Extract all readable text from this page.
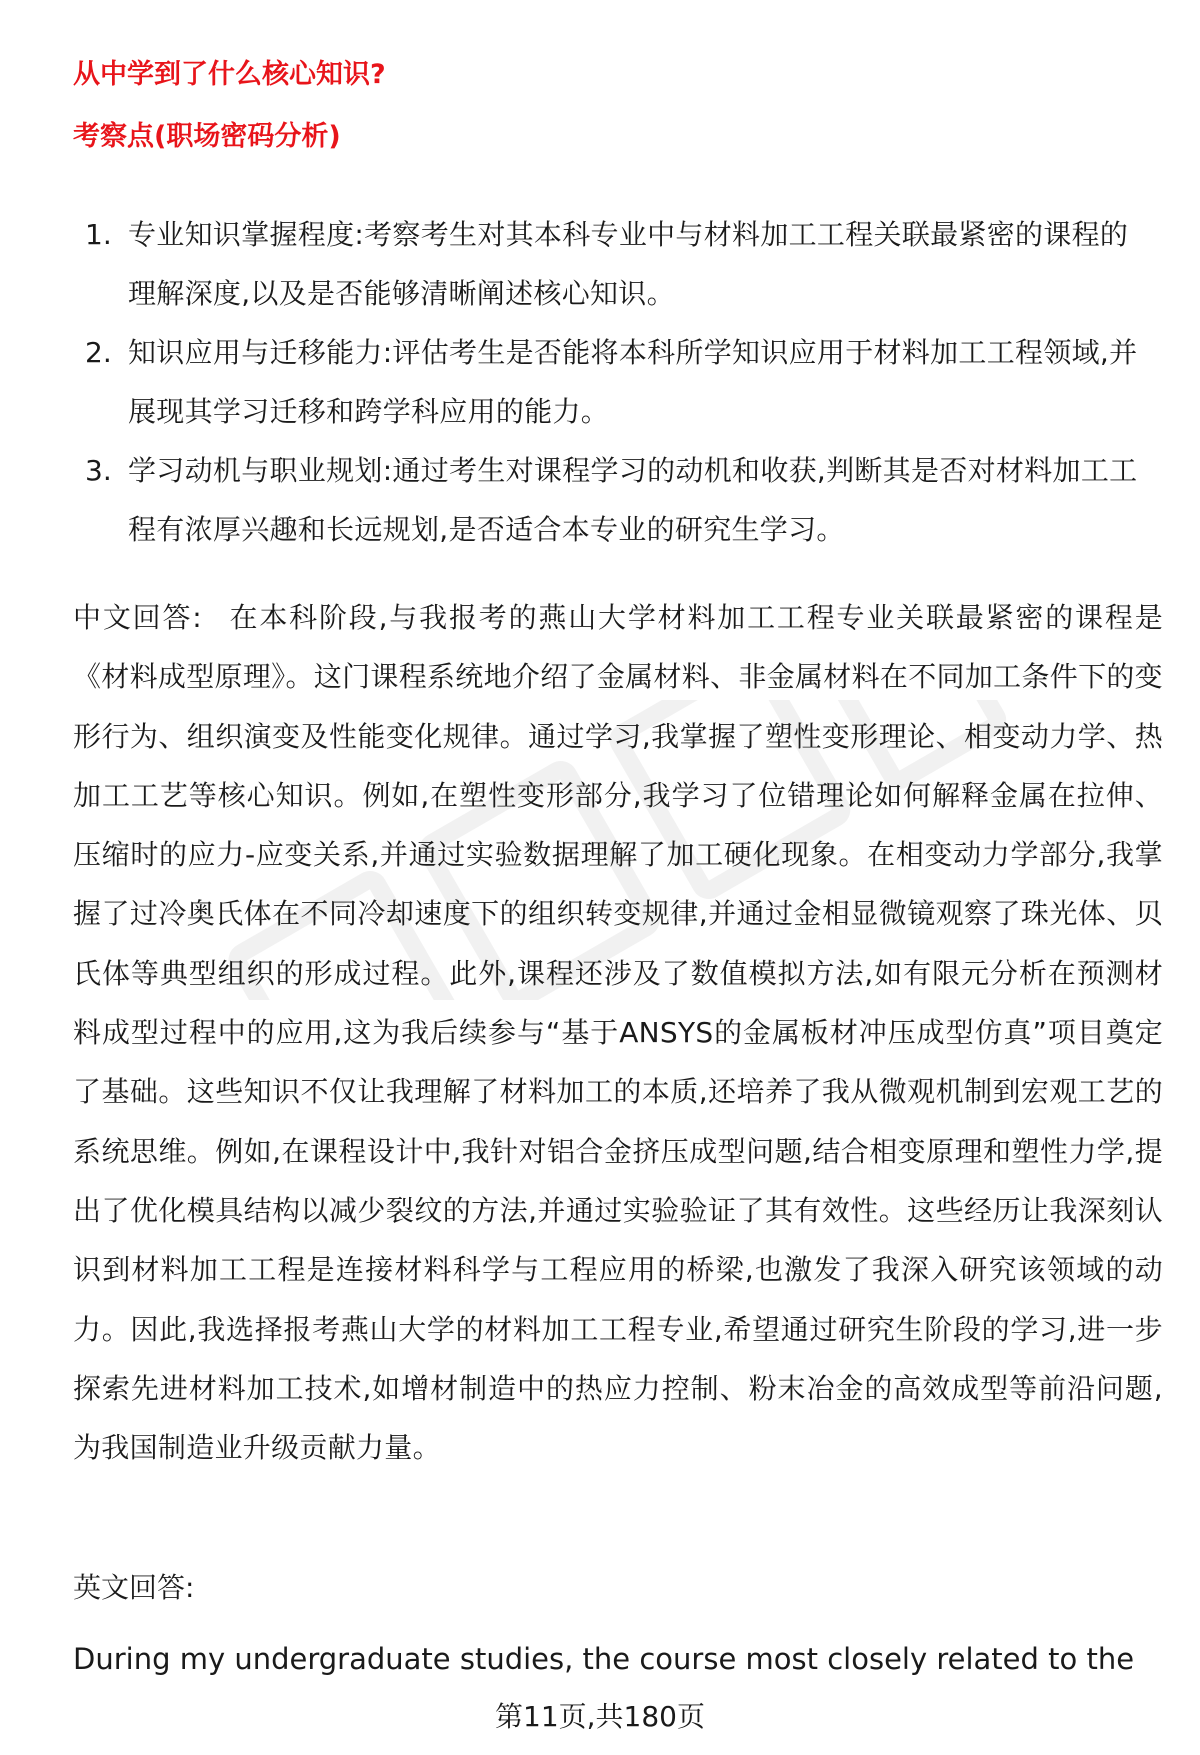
从中学到了什么核心知识?
考察点(职场密码分析)
1. 专业知识掌握程度:考察考生对其本科专业中与材料加工工程关联最紧密的课程的理解深度,以及是否能够清晰阐述核心知识。
2. 知识应用与迁移能力:评估考生是否能将本科所学知识应用于材料加工工程领域,并展现其学习迁移和跨学科应用的能力。
3. 学习动机与职业规划:通过考生对课程学习的动机和收获,判断其是否对材料加工工程有浓厚兴趣和长远规划,是否适合本专业的研究生学习。
中文回答: 在本科阶段,与我报考的燕山大学材料加工工程专业关联最紧密的课程是《材料成型原理》。这门课程系统地介绍了金属材料、非金属材料在不同加工条件下的变形行为、组织演变及性能变化规律。通过学习,我掌握了塑性变形理论、相变动力学、热加工工艺等核心知识。例如,在塑性变形部分,我学习了位错理论如何解释金属在拉伸、压缩时的应力-应变关系,并通过实验数据理解了加工硬化现象。在相变动力学部分,我掌握了过冷奥氏体在不同冷却速度下的组织转变规律,并通过金相显微镜观察了珠光体、贝氏体等典型组织的形成过程。此外,课程还涉及了数值模拟方法,如有限元分析在预测材料成型过程中的应用,这为我后续参与“基于ANSYS的金属板材冲压成型仿真”项目奠定了基础。这些知识不仅让我理解了材料加工的本质,还培养了我从微观机制到宏观工艺的系统思维。例如,在课程设计中,我针对铝合金挤压成型问题,结合相变原理和塑性力学,提出了优化模具结构以减少裂纹的方法,并通过实验验证了其有效性。这些经历让我深刻认识到材料加工工程是连接材料科学与工程应用的桥梁,也激发了我深入研究该领域的动力。因此,我选择报考燕山大学的材料加工工程专业,希望通过研究生阶段的学习,进一步探索先进材料加工技术,如增材制造中的热应力控制、粉末冶金的高效成型等前沿问题,为我国制造业升级贡献力量。
英文回答:
During my undergraduate studies, the course most closely related to the
第11页,共180页
